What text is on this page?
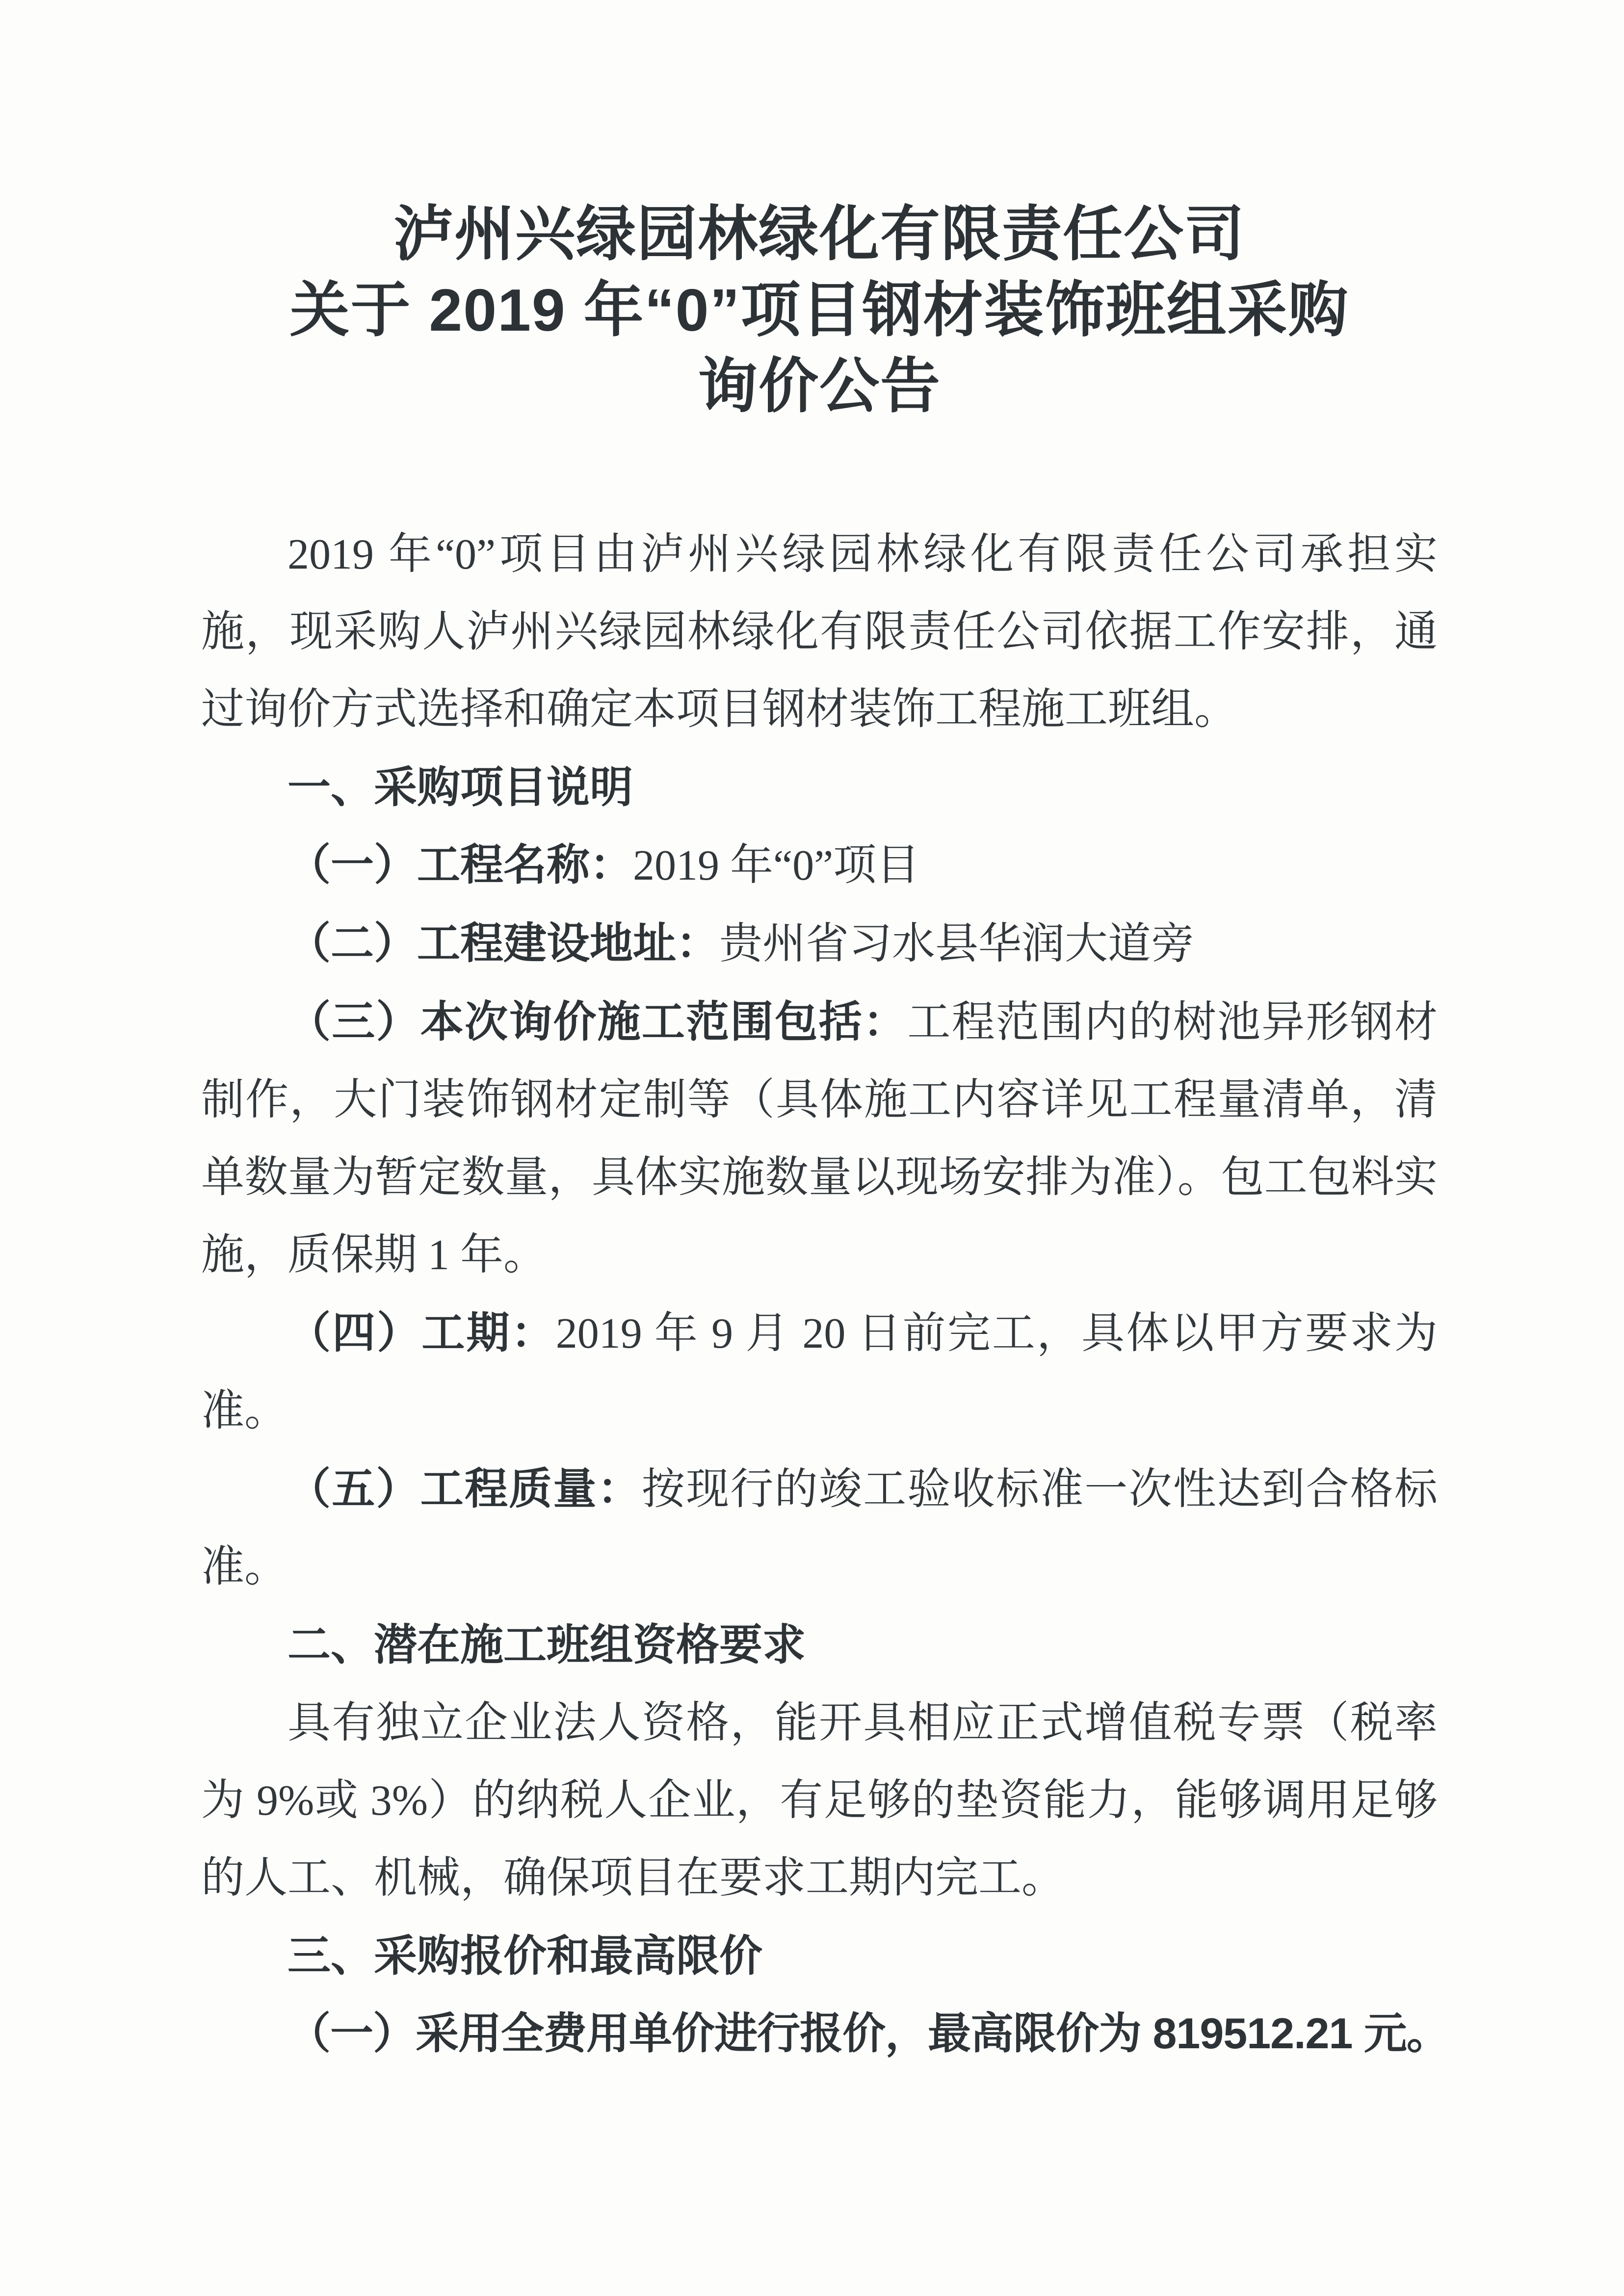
泸州兴绿园林绿化有限责任公司
关于 2019 年“0”项目钢材装饰班组采购
询价公告

2019 年“0”项目由泸州兴绿园林绿化有限责任公司承担实施，现采购人泸州兴绿园林绿化有限责任公司依据工作安排，通过询价方式选择和确定本项目钢材装饰工程施工班组。

一、采购项目说明

（一）工程名称：2019 年“0”项目

（二）工程建设地址：贵州省习水县华润大道旁

（三）本次询价施工范围包括：工程范围内的树池异形钢材制作，大门装饰钢材定制等（具体施工内容详见工程量清单，清单数量为暂定数量，具体实施数量以现场安排为准）。包工包料实施，质保期 1 年。

（四）工期：2019 年 9 月 20 日前完工，具体以甲方要求为准。

（五）工程质量：按现行的竣工验收标准一次性达到合格标准。

二、潜在施工班组资格要求

具有独立企业法人资格，能开具相应正式增值税专票（税率为 9%或 3%）的纳税人企业，有足够的垫资能力，能够调用足够的人工、机械，确保项目在要求工期内完工。

三、采购报价和最高限价

（一）采用全费用单价进行报价，最高限价为 819512.21 元。
